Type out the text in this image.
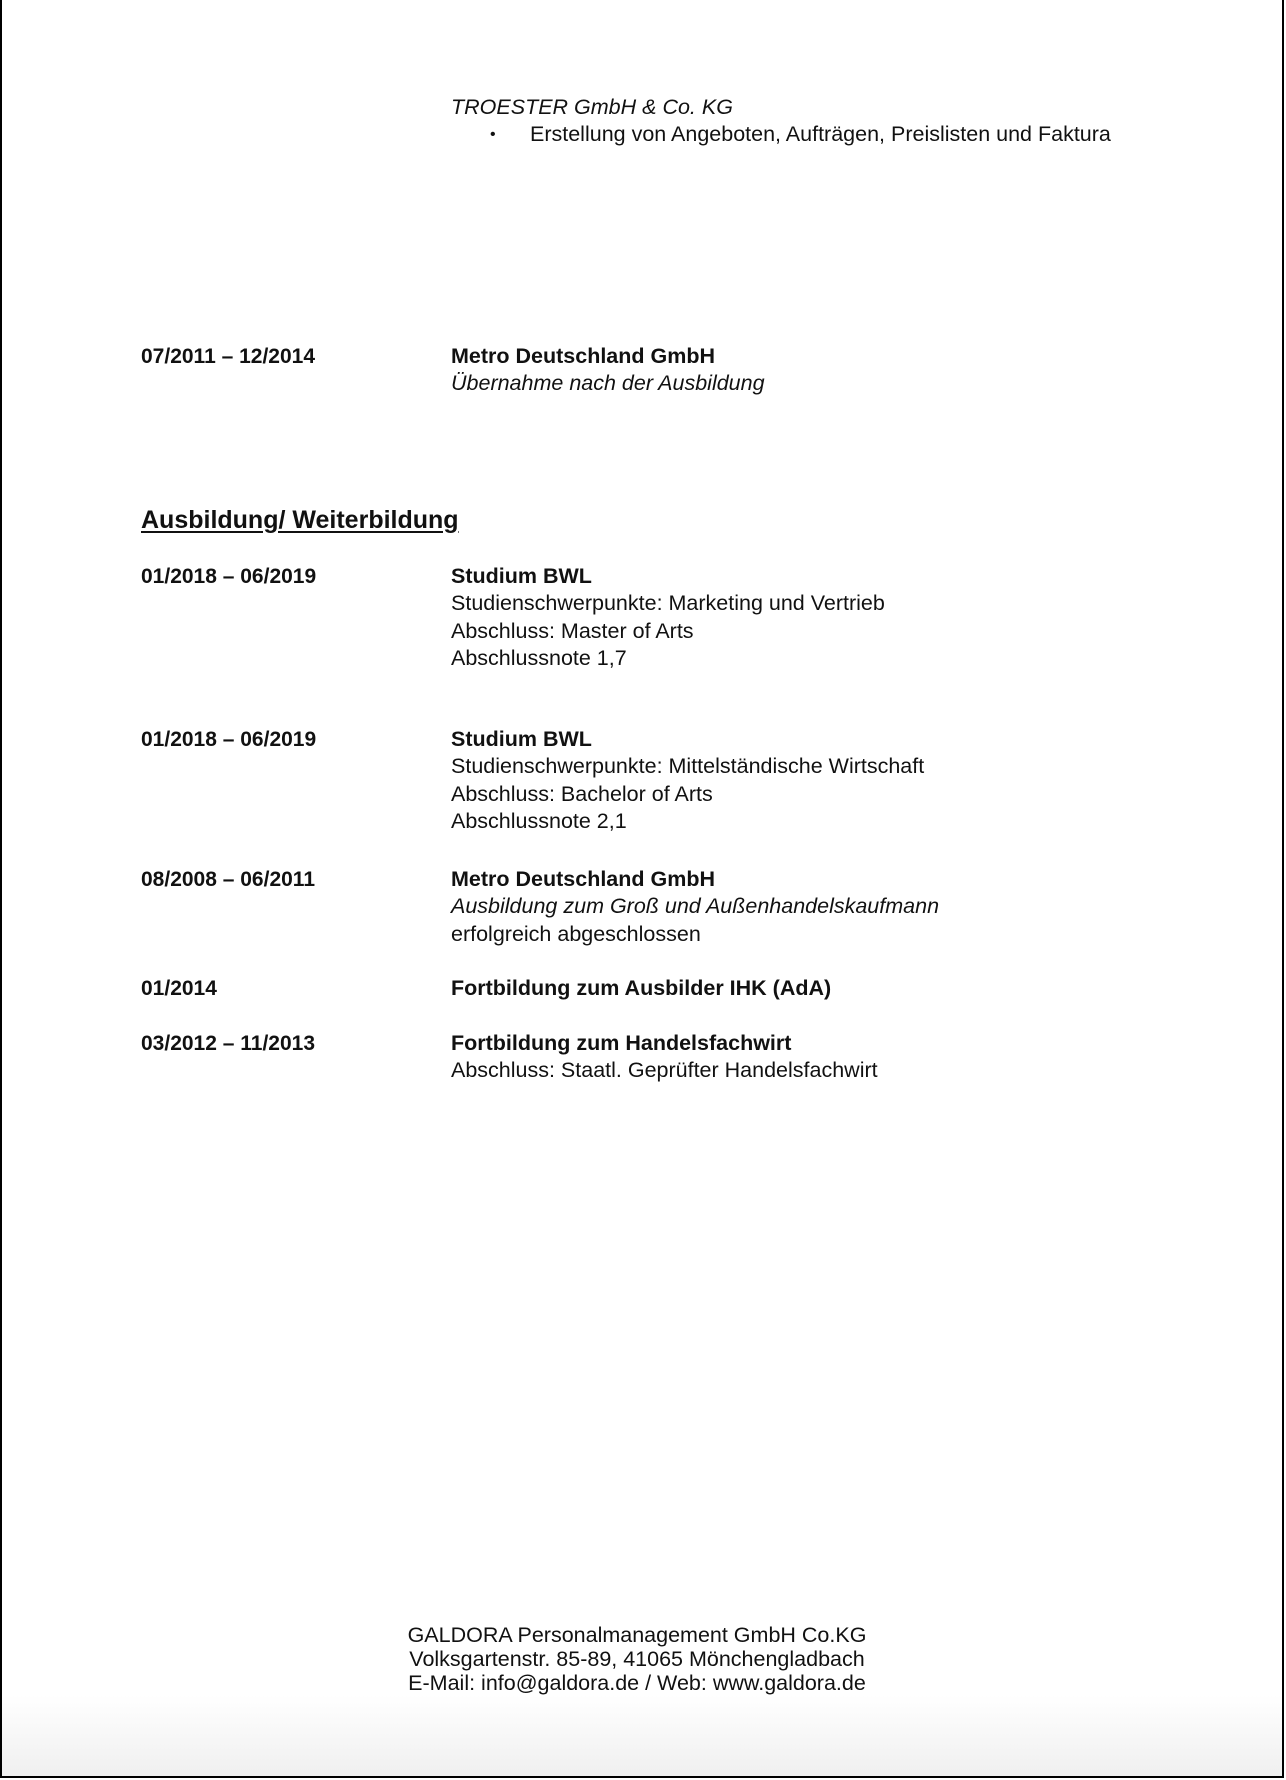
TROESTER GmbH & Co. KG
• Erstellung von Angeboten, Aufträgen, Preislisten und Faktura
07/2011 – 12/2014	Metro Deutschland GmbH
Übernahme nach der Ausbildung
Ausbildung/ Weiterbildung
01/2018 – 06/2019	Studium BWL
Studienschwerpunkte: Marketing und Vertrieb
Abschluss: Master of Arts
Abschlussnote 1,7
01/2018 – 06/2019	Studium BWL
Studienschwerpunkte: Mittelständische Wirtschaft
Abschluss: Bachelor of Arts
Abschlussnote 2,1
08/2008 – 06/2011	Metro Deutschland GmbH
Ausbildung zum Groß und Außenhandelskaufmann
erfolgreich abgeschlossen
01/2014	Fortbildung zum Ausbilder IHK (AdA)
03/2012 – 11/2013	Fortbildung zum Handelsfachwirt
Abschluss: Staatl. Geprüfter Handelsfachwirt
GALDORA Personalmanagement GmbH Co.KG
Volksgartenstr. 85-89, 41065 Mönchengladbach
E-Mail: info@galdora.de / Web: www.galdora.de
